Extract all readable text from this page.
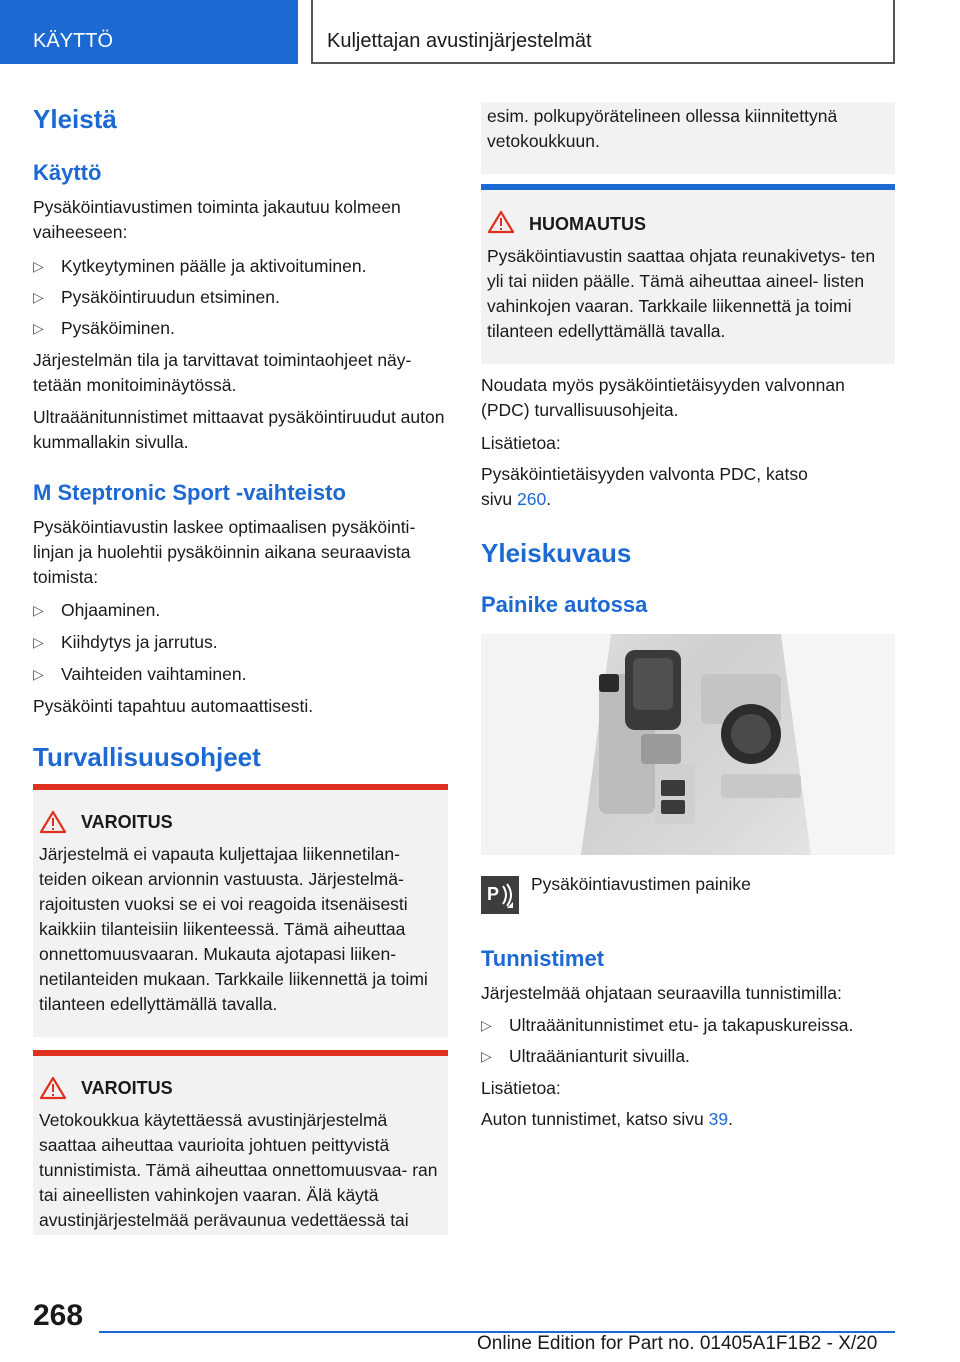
KÄYTTÖ	Kuljettajan avustinjärjestelmät
Yleistä
Käyttö
Pysäköintiavustimen toiminta jakautuu kolmeen vaiheeseen:
▷ Kytkeytyminen päälle ja aktivoituminen.
▷ Pysäköintiruudun etsiminen.
▷ Pysäköiminen.
Järjestelmän tila ja tarvittavat toimintaohjeet näy- tetään monitoiminäytössä.
Ultraäänitunnistimet mittaavat pysäköintiruudut auton kummallakin sivulla.
M Steptronic Sport -vaihteisto
Pysäköintiavustin laskee optimaalisen pysäköinti- linjan ja huolehtii pysäköinnin aikana seuraavista toimista:
▷ Ohjaaminen.
▷ Kiihdytys ja jarrutus.
▷ Vaihteiden vaihtaminen.
Pysäköinti tapahtuu automaattisesti.
Turvallisuusohjeet
VAROITUS
Järjestelmä ei vapauta kuljettajaa liikennetilan- teiden oikean arvionnin vastuusta. Järjestelmä- rajoitusten vuoksi se ei voi reagoida itsenäisesti kaikkiin tilanteisiin liikenteessä. Tämä aiheuttaa onnettomuusvaaran. Mukauta ajotapasi liiken- netilanteiden mukaan. Tarkkaile liikennettä ja toimi tilanteen edellyttämällä tavalla.
VAROITUS
Vetokoukkua käytettäessä avustinjärjestelmä saattaa aiheuttaa vaurioita johtuen peittyvistä tunnistimista. Tämä aiheuttaa onnettomuusvaa- ran tai aineellisten vahinkojen vaaran. Älä käytä avustinjärjestelmää perävaunua vedettäessä tai
esim. polkupyörätelineen ollessa kiinnitettynä vetokoukkuun.
HUOMAUTUS
Pysäköintiavustin saattaa ohjata reunakivetys- ten yli tai niiden päälle. Tämä aiheuttaa aineel- listen vahinkojen vaaran. Tarkkaile liikennettä ja toimi tilanteen edellyttämällä tavalla.
Noudata myös pysäköintietäisyyden valvonnan (PDC) turvallisuusohjeita.
Lisätietoa:
Pysäköintietäisyyden valvonta PDC, katso sivu 260.
Yleiskuvaus
Painike autossa
P Pysäköintiavustimen painike
Tunnistimet
Järjestelmää ohjataan seuraavilla tunnistimilla:
▷ Ultraäänitunnistimet etu- ja takapuskureissa.
▷ Ultraäänianturit sivuilla.
Lisätietoa:
Auton tunnistimet, katso sivu 39.
268
Online Edition for Part no. 01405A1F1B2 - X/20
